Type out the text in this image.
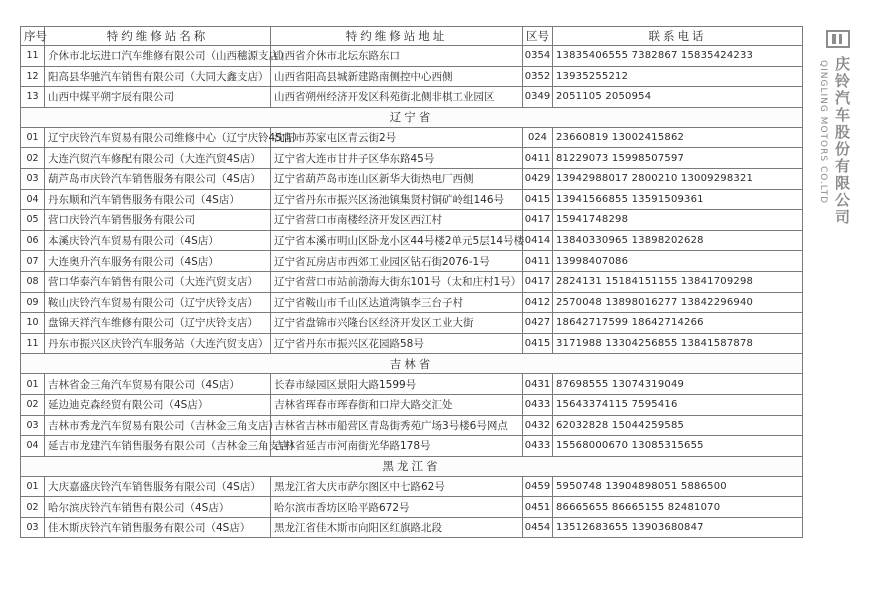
序号	特约维修站名称	特约维修站地址	区号	联系电话
11	介休市北坛进口汽车维修有限公司（山西穗源支店）	山西省介休市北坛东路东口	0354	13835406555 7382867 15835424233
12	阳高县华驰汽车销售有限公司（大同大鑫支店）	山西省阳高县城新建路南侧控中心西侧	0352	13935255212
13	山西中煤平朔宇辰有限公司	山西省朔州经济开发区科苑街北侧非棋工业园区	0349	2051105 2050954
辽宁省				
01	辽宁庆铃汽车贸易有限公司维修中心（辽宁庆铃4S店）	沈阳市苏家屯区青云街2号	024	23660819 13002415862
02	大连汽贸汽车修配有限公司（大连汽贸4S店）	辽宁省大连市甘井子区华东路45号	0411	81229073 15998507597
03	葫芦岛市庆铃汽车销售服务有限公司（4S店）	辽宁省葫芦岛市连山区新华大街热电厂西侧	0429	13942988017 2800210 13009298321
04	丹东顺和汽车销售服务有限公司（4S店）	辽宁省丹东市振兴区汤池镇集贤村铜矿岭组146号	0415	13941566855 13591509361
05	营口庆铃汽车销售服务有限公司	辽宁省营口市南楼经济开发区西江村	0417	15941748298
06	本溪庆铃汽车贸易有限公司（4S店）	辽宁省本溪市明山区卧龙小区44号楼2单元5层14号楼	0414	13840330965 13898202628
07	大连奥升汽车服务有限公司（4S店）	辽宁省瓦房店市西郊工业园区钻石街2076-1号	0411	13998407086
08	营口华泰汽车销售有限公司（大连汽贸支店）	辽宁省营口市站前渤海大街东101号（太和庄村1号）	0417	2824131 15184151155 13841709298
09	鞍山庆铃汽车贸易有限公司（辽宁庆铃支店）	辽宁省鞍山市千山区达道湾镇李三台子村	0412	2570048 13898016277 13842296940
10	盘锦天祥汽车维修有限公司（辽宁庆铃支店）	辽宁省盘锦市兴隆台区经济开发区工业大街	0427	18642717599 18642714266
11	丹东市振兴区庆铃汽车服务站（大连汽贸支店）	辽宁省丹东市振兴区花园路58号	0415	3171988 13304256855 13841587878
吉林省				
01	吉林省金三角汽车贸易有限公司（4S店）	长春市绿园区景阳大路1599号	0431	87698555 13074319049
02	延边迪克森经贸有限公司（4S店）	吉林省珲春市珲春街和口岸大路交汇处	0433	15643374115 7595416
03	吉林市秀龙汽车贸易有限公司（吉林金三角支店）	吉林省吉林市船营区青岛街秀苑广场3号楼6号网点	0432	62032828 15044259585
04	延吉市龙建汽车销售服务有限公司（吉林金三角支店）	吉林省延吉市河南街光华路178号	0433	15568000670 13085315655
黑龙江省				
01	大庆嘉盛庆铃汽车销售服务有限公司（4S店）	黑龙江省大庆市萨尔图区中七路62号	0459	5950748 13904898051 5886500
02	哈尔滨庆铃汽车销售有限公司（4S店）	哈尔滨市香坊区哈平路672号	0451	86665655 86665155 82481070
03	佳木斯庆铃汽车销售服务有限公司（4S店）	黑龙江省佳木斯市向阳区红旗路北段	0454	13512683655 13903680847
QINGLING MOTORS CO.LTD 庆铃汽车股份有限公司
